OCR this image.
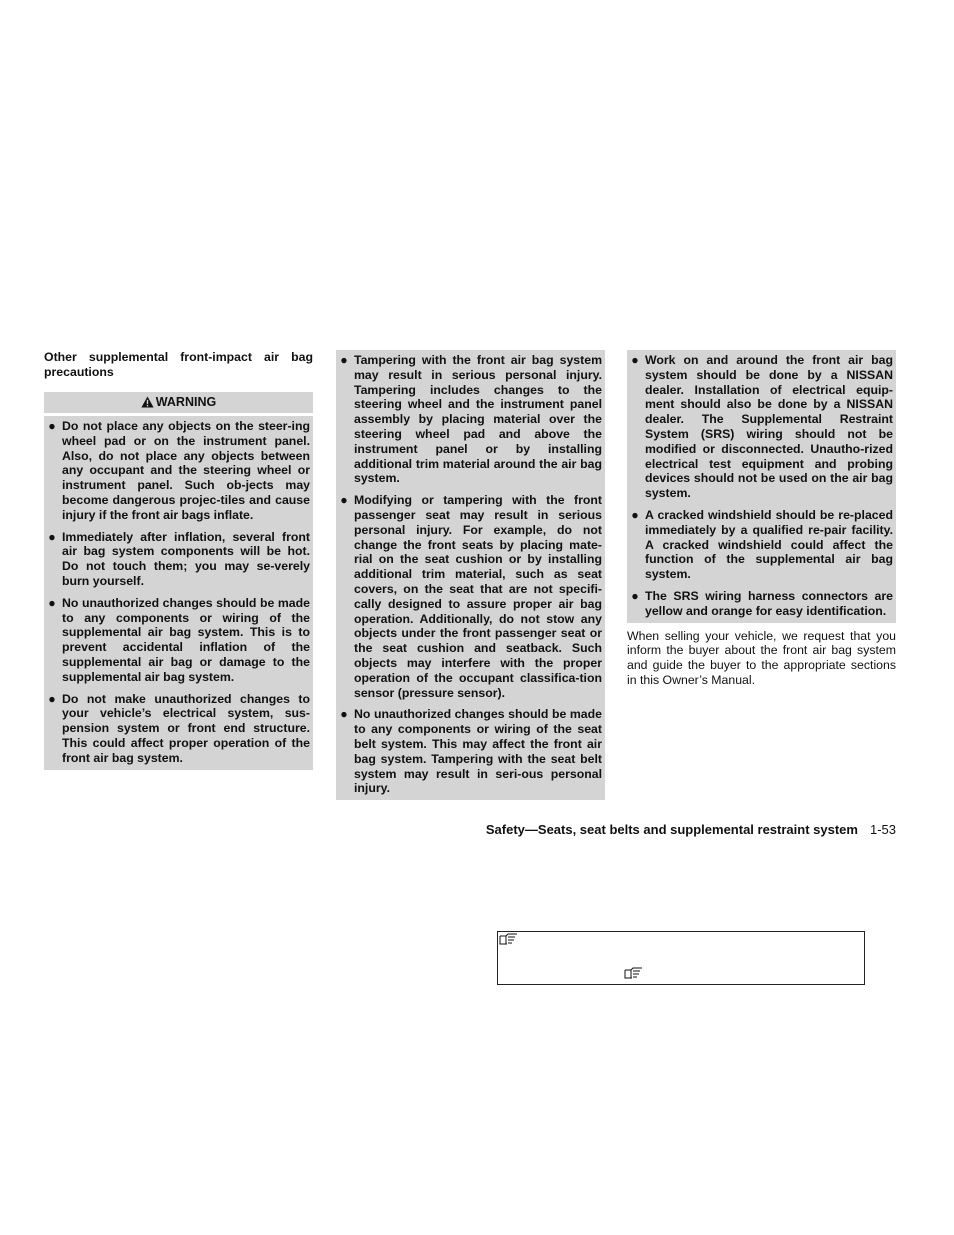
Other supplemental front-impact air bag precautions
WARNING
● Do not place any objects on the steer-ing wheel pad or on the instrument panel. Also, do not place any objects between any occupant and the steering wheel or instrument panel. Such ob-jects may become dangerous projec-tiles and cause injury if the front air bags inflate.
● Immediately after inflation, several front air bag system components will be hot. Do not touch them; you may se-verely burn yourself.
● No unauthorized changes should be made to any components or wiring of the supplemental air bag system. This is to prevent accidental inflation of the supplemental air bag or damage to the supplemental air bag system.
● Do not make unauthorized changes to your vehicle’s electrical system, sus-pension system or front end structure. This could affect proper operation of the front air bag system.
● Tampering with the front air bag system may result in serious personal injury. Tampering includes changes to the steering wheel and the instrument panel assembly by placing material over the steering wheel pad and above the instrument panel or by installing additional trim material around the air bag system.
● Modifying or tampering with the front passenger seat may result in serious personal injury. For example, do not change the front seats by placing mate-rial on the seat cushion or by installing additional trim material, such as seat covers, on the seat that are not specifi-cally designed to assure proper air bag operation. Additionally, do not stow any objects under the front passenger seat or the seat cushion and seatback. Such objects may interfere with the proper operation of the occupant classifica-tion sensor (pressure sensor).
● No unauthorized changes should be made to any components or wiring of the seat belt system. This may affect the front air bag system. Tampering with the seat belt system may result in seri-ous personal injury.
● Work on and around the front air bag system should be done by a NISSAN dealer. Installation of electrical equip-ment should also be done by a NISSAN dealer. The Supplemental Restraint System (SRS) wiring should not be modified or disconnected. Unautho-rized electrical test equipment and probing devices should not be used on the air bag system.
● A cracked windshield should be re-placed immediately by a qualified re-pair facility. A cracked windshield could affect the function of the supplemental air bag system.
● The SRS wiring harness connectors are yellow and orange for easy identification.
When selling your vehicle, we request that you inform the buyer about the front air bag system and guide the buyer to the appropriate sections in this Owner’s Manual.
Safety—Seats, seat belts and supplemental restraint system 1-53
